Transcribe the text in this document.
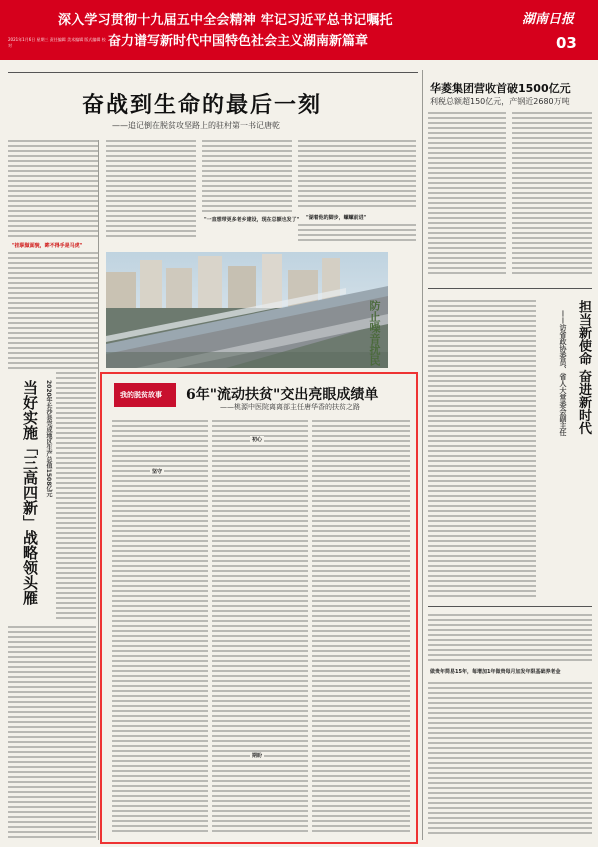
深入学习贯彻十九届五中全会精神 牢记习近平总书记嘱托
奋力谱写新时代中国特色社会主义湖南新篇章
湖南日报
03
2021年1月6日 星期三 责任编辑 美术编辑 版式编辑 校对
奋战到生命的最后一刻
——追记倒在脱贫攻坚路上的驻村第一书记唐乾
"挂职做面貌，眸不得手是马虎"
"一直想带更多老乡建设，现在总额也发了" "湖着他的脚步，螺螺前进"
防止噪音扰民
当好实施「三高四新」战略领头雁	2020年长沙县完成地区生产总值1508亿元	我的脱贫故事 6年"流动扶贫"交出亮眼成绩单
——桃源中医院离离部主任唐华香的扶贫之路
坚守
初心
期盼
华菱集团营收首破1500亿元
利税总额超150亿元，产钢近2680万吨
担当新使命 奋进新时代
——访省政协委员、省人大常委会副主任
做贵年简易15年，每增加1年做贵每月加发年限基础养老金
